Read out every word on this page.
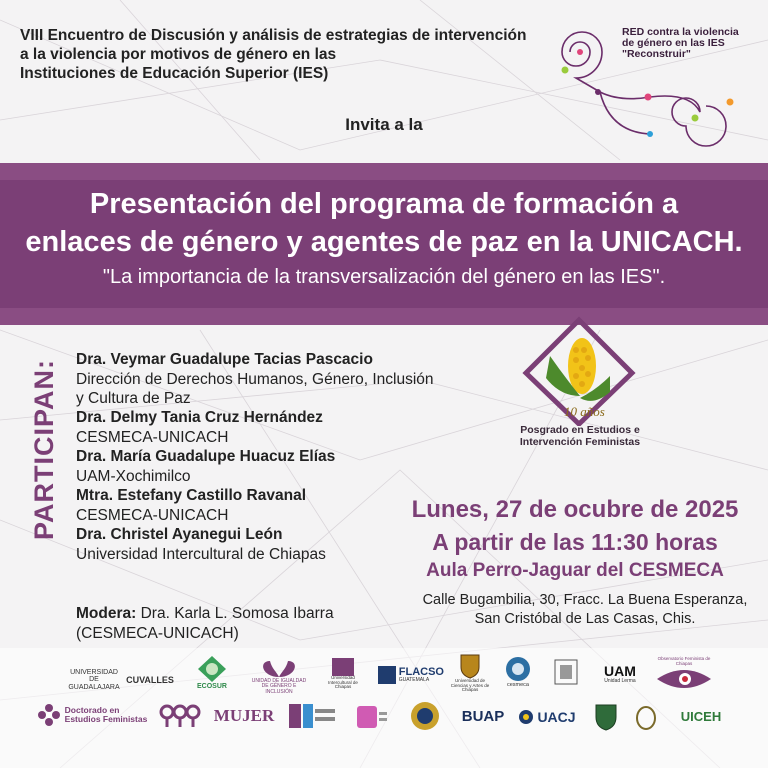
VIII Encuentro de Discusión y análisis de estrategias de intervención
a la violencia por motivos de género en las
Instituciones de Educación Superior (IES)
RED contra la violencia
de género en las IES
"Reconstruir"
Invita a la
Presentación del programa de formación a
enlaces de género y agentes de paz en la UNICACH.
"La importancia de la transversalización del género en las IES".
PARTICIPAN: Dra. Veymar Guadalupe Tacias Pascacio
Dirección de Derechos Humanos, Género, Inclusión
y Cultura de Paz
Dra. Delmy Tania Cruz Hernández
CESMECA-UNICACH
Dra. María Guadalupe Huacuz Elías
UAM-Xochimilco
Mtra. Estefany Castillo Ravanal
CESMECA-UNICACH
Dra. Christel Ayanegui León
Universidad Intercultural de Chiapas
Modera: Dra. Karla L. Somosa Ibarra
(CESMECA-UNICACH)
10 años
Posgrado en Estudios e
Intervención Feministas
Lunes, 27 de ocubre de 2025
A partir de las 11:30 horas
Aula Perro-Jaguar del CESMECA
Calle Bugambilia, 30, Fracc. La Buena Esperanza,
San Cristóbal de Las Casas, Chis.
UNIVERSIDAD DE GUADALAJARA
CUVALLES
ECOSUR
UNIDAD DE IGUALDAD DE GÉNERO E INCLUSIÓN
Universidad Intercultural de Chiapas
FLACSO
GUATEMALA	Universidad de Ciencias y Artes de Chiapas
cesmeca
UAM
Unidad Lerma
Observatorio Feminista de Chiapas
Doctorado en
Estudios Feministas	MUJER	BUAP UACJ	UICEH
